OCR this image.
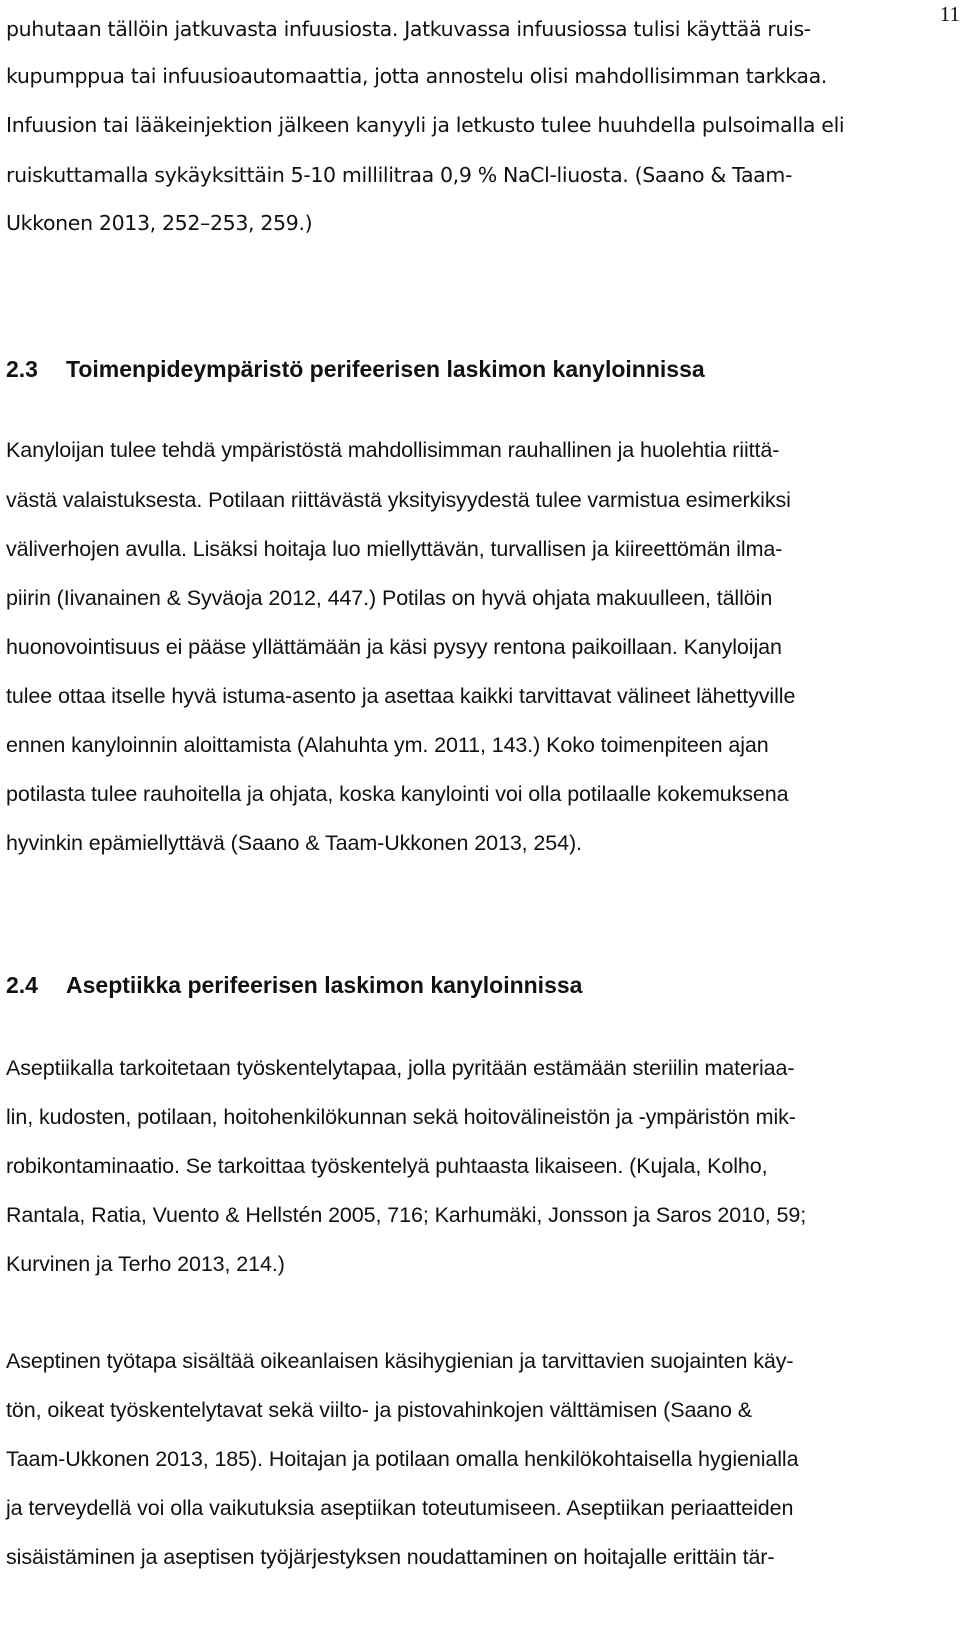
11
puhutaan tällöin jatkuvasta infuusiosta. Jatkuvassa infuusiossa tulisi käyttää ruis-
kupumppua tai infuusioautomaattia, jotta annostelu olisi mahdollisimman tarkkaa.
Infuusion tai lääkeinjektion jälkeen kanyyli ja letkusto tulee huuhdella pulsoimalla eli
ruiskuttamalla sykäyksittäin 5-10 millilitraa 0,9 % NaCl-liuosta. (Saano & Taam-
Ukkonen 2013, 252–253, 259.)
2.3 Toimenpideympäristö perifeerisen laskimon kanyloinnissa
Kanyloijan tulee tehdä ympäristöstä mahdollisimman rauhallinen ja huolehtia riittä-
västä valaistuksesta. Potilaan riittävästä yksityisyydestä tulee varmistua esimerkiksi
väliverhojen avulla. Lisäksi hoitaja luo miellyttävän, turvallisen ja kiireettömän ilma-
piirin (Iivanainen & Syväoja 2012, 447.) Potilas on hyvä ohjata makuulleen, tällöin
huonovointisuus ei pääse yllättämään ja käsi pysyy rentona paikoillaan. Kanyloijan
tulee ottaa itselle hyvä istuma-asento ja asettaa kaikki tarvittavat välineet lähettyville
ennen kanyloinnin aloittamista (Alahuhta ym. 2011, 143.) Koko toimenpiteen ajan
potilasta tulee rauhoitella ja ohjata, koska kanylointi voi olla potilaalle kokemuksena
hyvinkin epämiellyttävä (Saano & Taam-Ukkonen 2013, 254).
2.4 Aseptiikka perifeerisen laskimon kanyloinnissa
Aseptiikalla tarkoitetaan työskentelytapaa, jolla pyritään estämään steriilin materiaa-
lin, kudosten, potilaan, hoitohenkilökunnan sekä hoitovälineistön ja -ympäristön mik-
robikontaminaatio. Se tarkoittaa työskentelyä puhtaasta likaiseen. (Kujala, Kolho,
Rantala, Ratia, Vuento & Hellstén 2005, 716; Karhumäki, Jonsson ja Saros 2010, 59;
Kurvinen ja Terho 2013, 214.)
Aseptinen työtapa sisältää oikeanlaisen käsihygienian ja tarvittavien suojainten käy-
tön, oikeat työskentelytavat sekä viilto- ja pistovahinkojen välttämisen (Saano &
Taam-Ukkonen 2013, 185). Hoitajan ja potilaan omalla henkilökohtaisella hygienialla
ja terveydellä voi olla vaikutuksia aseptiikan toteutumiseen. Aseptiikan periaatteiden
sisäistäminen ja aseptisen työjärjestyksen noudattaminen on hoitajalle erittäin tär-
